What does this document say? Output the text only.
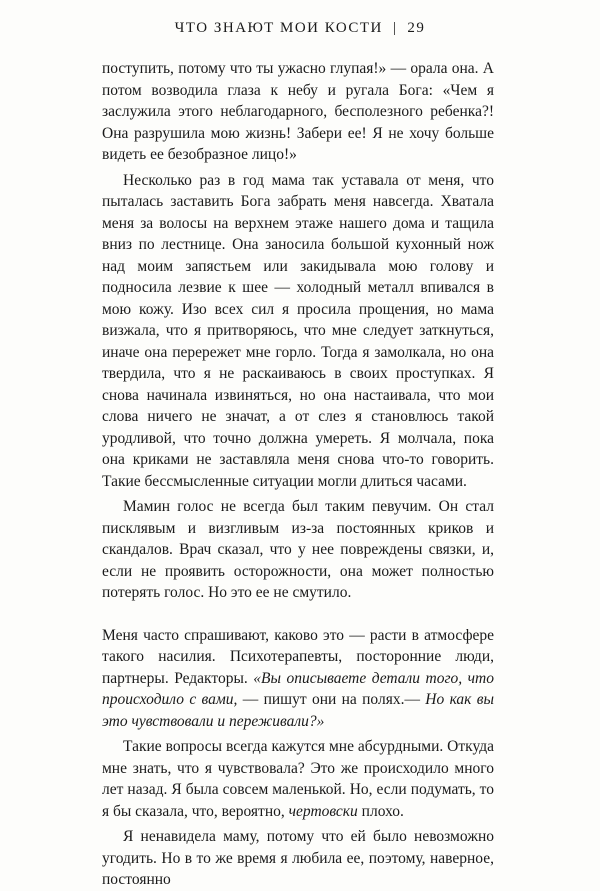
ЧТО ЗНАЮТ МОИ КОСТИ | 29

поступить, потому что ты ужасно глупая!» — орала она. А потом возводила глаза к небу и ругала Бога: «Чем я заслужила этого неблагодарного, бесполезного ребенка?! Она разрушила мою жизнь! Забери ее! Я не хочу больше видеть ее безобразное лицо!»

Несколько раз в год мама так уставала от меня, что пыталась заставить Бога забрать меня навсегда. Хватала меня за волосы на верхнем этаже нашего дома и тащила вниз по лестнице. Она заносила большой кухонный нож над моим запястьем или закидывала мою голову и подносила лезвие к шее — холодный металл впивался в мою кожу. Изо всех сил я просила прощения, но мама визжала, что я притворяюсь, что мне следует заткнуться, иначе она перережет мне горло. Тогда я замолкала, но она твердила, что я не раскаиваюсь в своих проступках. Я снова начинала извиняться, но она настаивала, что мои слова ничего не значат, а от слез я становлюсь такой уродливой, что точно должна умереть. Я молчала, пока она криками не заставляла меня снова что-то говорить. Такие бессмысленные ситуации могли длиться часами.

Мамин голос не всегда был таким певучим. Он стал писклявым и визгливым из-за постоянных криков и скандалов. Врач сказал, что у нее повреждены связки, и, если не проявить осторожности, она может полностью потерять голос. Но это ее не смутило.

Меня часто спрашивают, каково это — расти в атмосфере такого насилия. Психотерапевты, посторонние люди, партнеры. Редакторы. «Вы описываете детали того, что происходило с вами, — пишут они на полях.— Но как вы это чувствовали и переживали?»

Такие вопросы всегда кажутся мне абсурдными. Откуда мне знать, что я чувствовала? Это же происходило много лет назад. Я была совсем маленькой. Но, если подумать, то я бы сказала, что, вероятно, чертовски плохо.

Я ненавидела маму, потому что ей было невозможно угодить. Но в то же время я любила ее, поэтому, наверное, постоянно
